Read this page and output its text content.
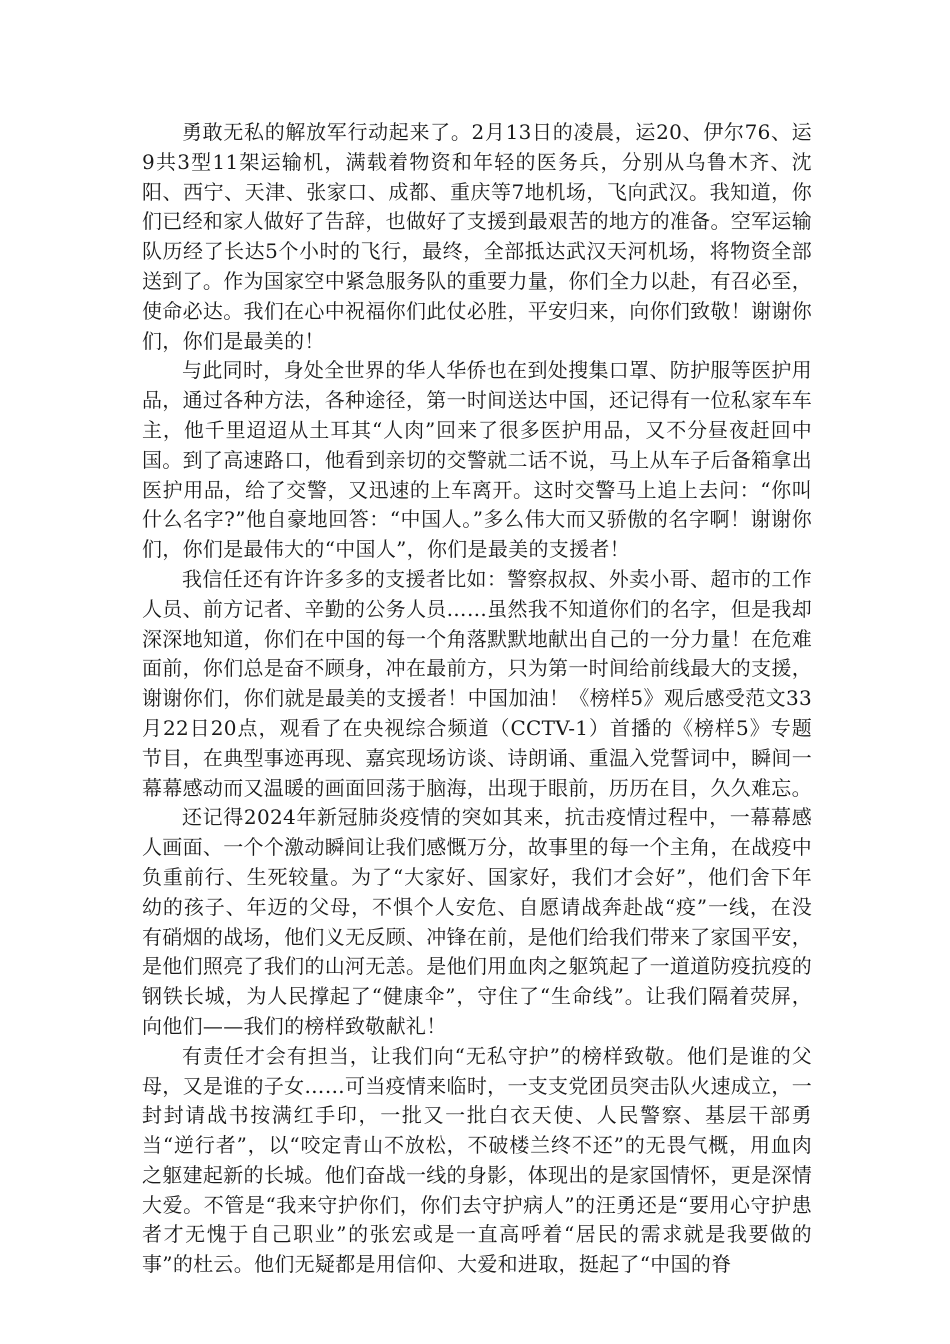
勇敢无私的解放军行动起来了。2月13日的凌晨，运20、伊尔76、运9共3型11架运输机，满载着物资和年轻的医务兵，分别从乌鲁木齐、沈阳、西宁、天津、张家口、成都、重庆等7地机场，飞向武汉。我知道，你们已经和家人做好了告辞，也做好了支援到最艰苦的地方的准备。空军运输队历经了长达5个小时的飞行，最终，全部抵达武汉天河机场，将物资全部送到了。作为国家空中紧急服务队的重要力量，你们全力以赴，有召必至，使命必达。我们在心中祝福你们此仗必胜，平安归来，向你们致敬！谢谢你们，你们是最美的！

与此同时，身处全世界的华人华侨也在到处搜集口罩、防护服等医护用品，通过各种方法，各种途径，第一时间送达中国，还记得有一位私家车车主，他千里迢迢从土耳其“人肉”回来了很多医护用品，又不分昼夜赶回中国。到了高速路口，他看到亲切的交警就二话不说，马上从车子后备箱拿出医护用品，给了交警，又迅速的上车离开。这时交警马上追上去问：“你叫什么名字?”他自豪地回答：“中国人。”多么伟大而又骄傲的名字啊！谢谢你们，你们是最伟大的“中国人”，你们是最美的支援者！

我信任还有许许多多的支援者比如：警察叔叔、外卖小哥、超市的工作人员、前方记者、辛勤的公务人员……虽然我不知道你们的名字，但是我却深深地知道，你们在中国的每一个角落默默地献出自己的一分力量！在危难面前，你们总是奋不顾身，冲在最前方，只为第一时间给前线最大的支援，谢谢你们，你们就是最美的支援者！中国加油！《榜样5》观后感受范文33月22日20点，观看了在央视综合频道（CCTV-1）首播的《榜样5》专题节目，在典型事迹再现、嘉宾现场访谈、诗朗诵、重温入党誓词中，瞬间一幕幕感动而又温暖的画面回荡于脑海，出现于眼前，历历在目，久久难忘。

还记得2024年新冠肺炎疫情的突如其来，抗击疫情过程中，一幕幕感人画面、一个个激动瞬间让我们感慨万分，故事里的每一个主角，在战疫中负重前行、生死较量。为了“大家好、国家好，我们才会好”，他们舍下年幼的孩子、年迈的父母，不惧个人安危、自愿请战奔赴战“疫”一线，在没有硝烟的战场，他们义无反顾、冲锋在前，是他们给我们带来了家国平安，是他们照亮了我们的山河无恙。是他们用血肉之躯筑起了一道道防疫抗疫的钢铁长城，为人民撑起了“健康伞”，守住了“生命线”。让我们隔着荧屏，向他们——我们的榜样致敬献礼！

有责任才会有担当，让我们向“无私守护”的榜样致敬。他们是谁的父母，又是谁的子女……可当疫情来临时，一支支党团员突击队火速成立，一封封请战书按满红手印，一批又一批白衣天使、人民警察、基层干部勇当“逆行者”，以“咬定青山不放松，不破楼兰终不还”的无畏气概，用血肉之躯建起新的长城。他们奋战一线的身影，体现出的是家国情怀，更是深情大爱。不管是“我来守护你们，你们去守护病人”的汪勇还是“要用心守护患者才无愧于自己职业”的张宏或是一直高呼着“居民的需求就是我要做的事”的杜云。他们无疑都是用信仰、大爱和进取，挺起了“中国的脊
